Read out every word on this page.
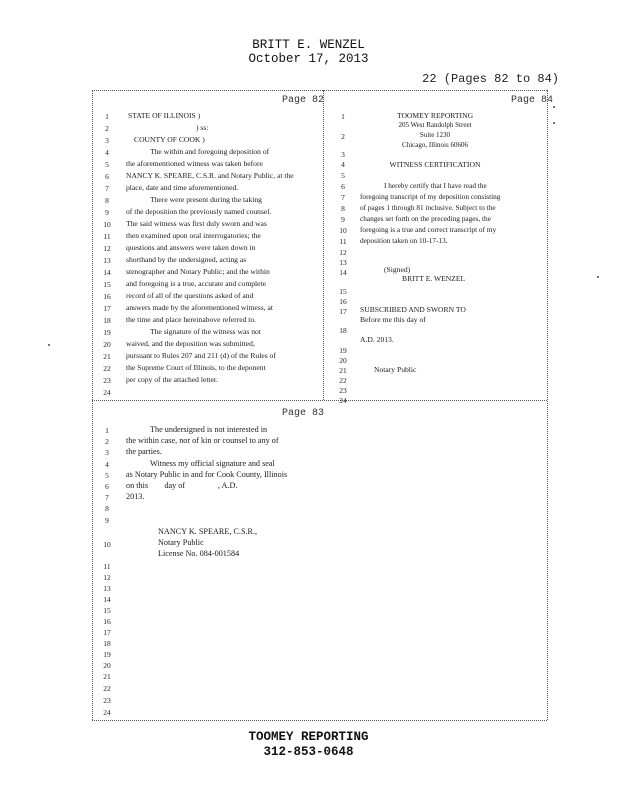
BRITT E. WENZEL
October 17, 2013
22 (Pages 82 to 84)
Page 82	Page 84
Page 83
1
2
3
4
5
6
7
8
9
10
11
12
13
14
15
16
17
18
19
20
21
22
23
24
STATE OF ILLINOIS )
) ss:
COUNTY OF COOK )
The within and foregoing deposition of
the aforementioned witness was taken before
NANCY K. SPEARE, C.S.R. and Notary Public, at the
place, date and time aforementioned.
There were present during the taking
of the deposition the previously named counsel.
The said witness was first duly sworn and was
then examined upon oral interrogatories; the
questions and answers were taken down in
shorthand by the undersigned, acting as
stenographer and Notary Public; and the within
and foregoing is a true, accurate and complete
record of all of the questions asked of and
answers made by the aforementioned witness, at
the time and place hereinabove referred to.
The signature of the witness was not
waived, and the deposition was submitted,
pursuant to Rules 207 and 211 (d) of the Rules of
the Supreme Court of Illinois, to the deponent
per copy of the attached letter.
1
2
3
4
5
6
7
8
9
10
11
12
13
14
15
16
17
18
19
20
21
22
23
24
TOOMEY REPORTING
205 West Randolph Street
Suite 1230
Chicago, Illinois 60606
WITNESS CERTIFICATION
I hereby certify that I have read the
foregoing transcript of my deposition consisting
of pages 1 through 81 inclusive. Subject to the
changes set forth on the preceding pages, the
foregoing is a true and correct transcript of my
deposition taken on 10-17-13.
(Signed)
BRITT E. WENZEL
SUBSCRIBED AND SWORN TO
Before me this day of
A.D. 2013.
Notary Public
1
2
3
4
5
6
7
8
9
10
11
12
13
14
15
16
17
18
19
20
21
22
23
24
The undersigned is not interested in
the within case, nor of kin or counsel to any of
the parties.
Witness my official signature and seal
as Notary Public in and for Cook County, Illinois
on this        day of                , A.D.
2013.
NANCY K. SPEARE, C.S.R.,
Notary Public
License No. 084-001584
TOOMEY REPORTING
312-853-0648
